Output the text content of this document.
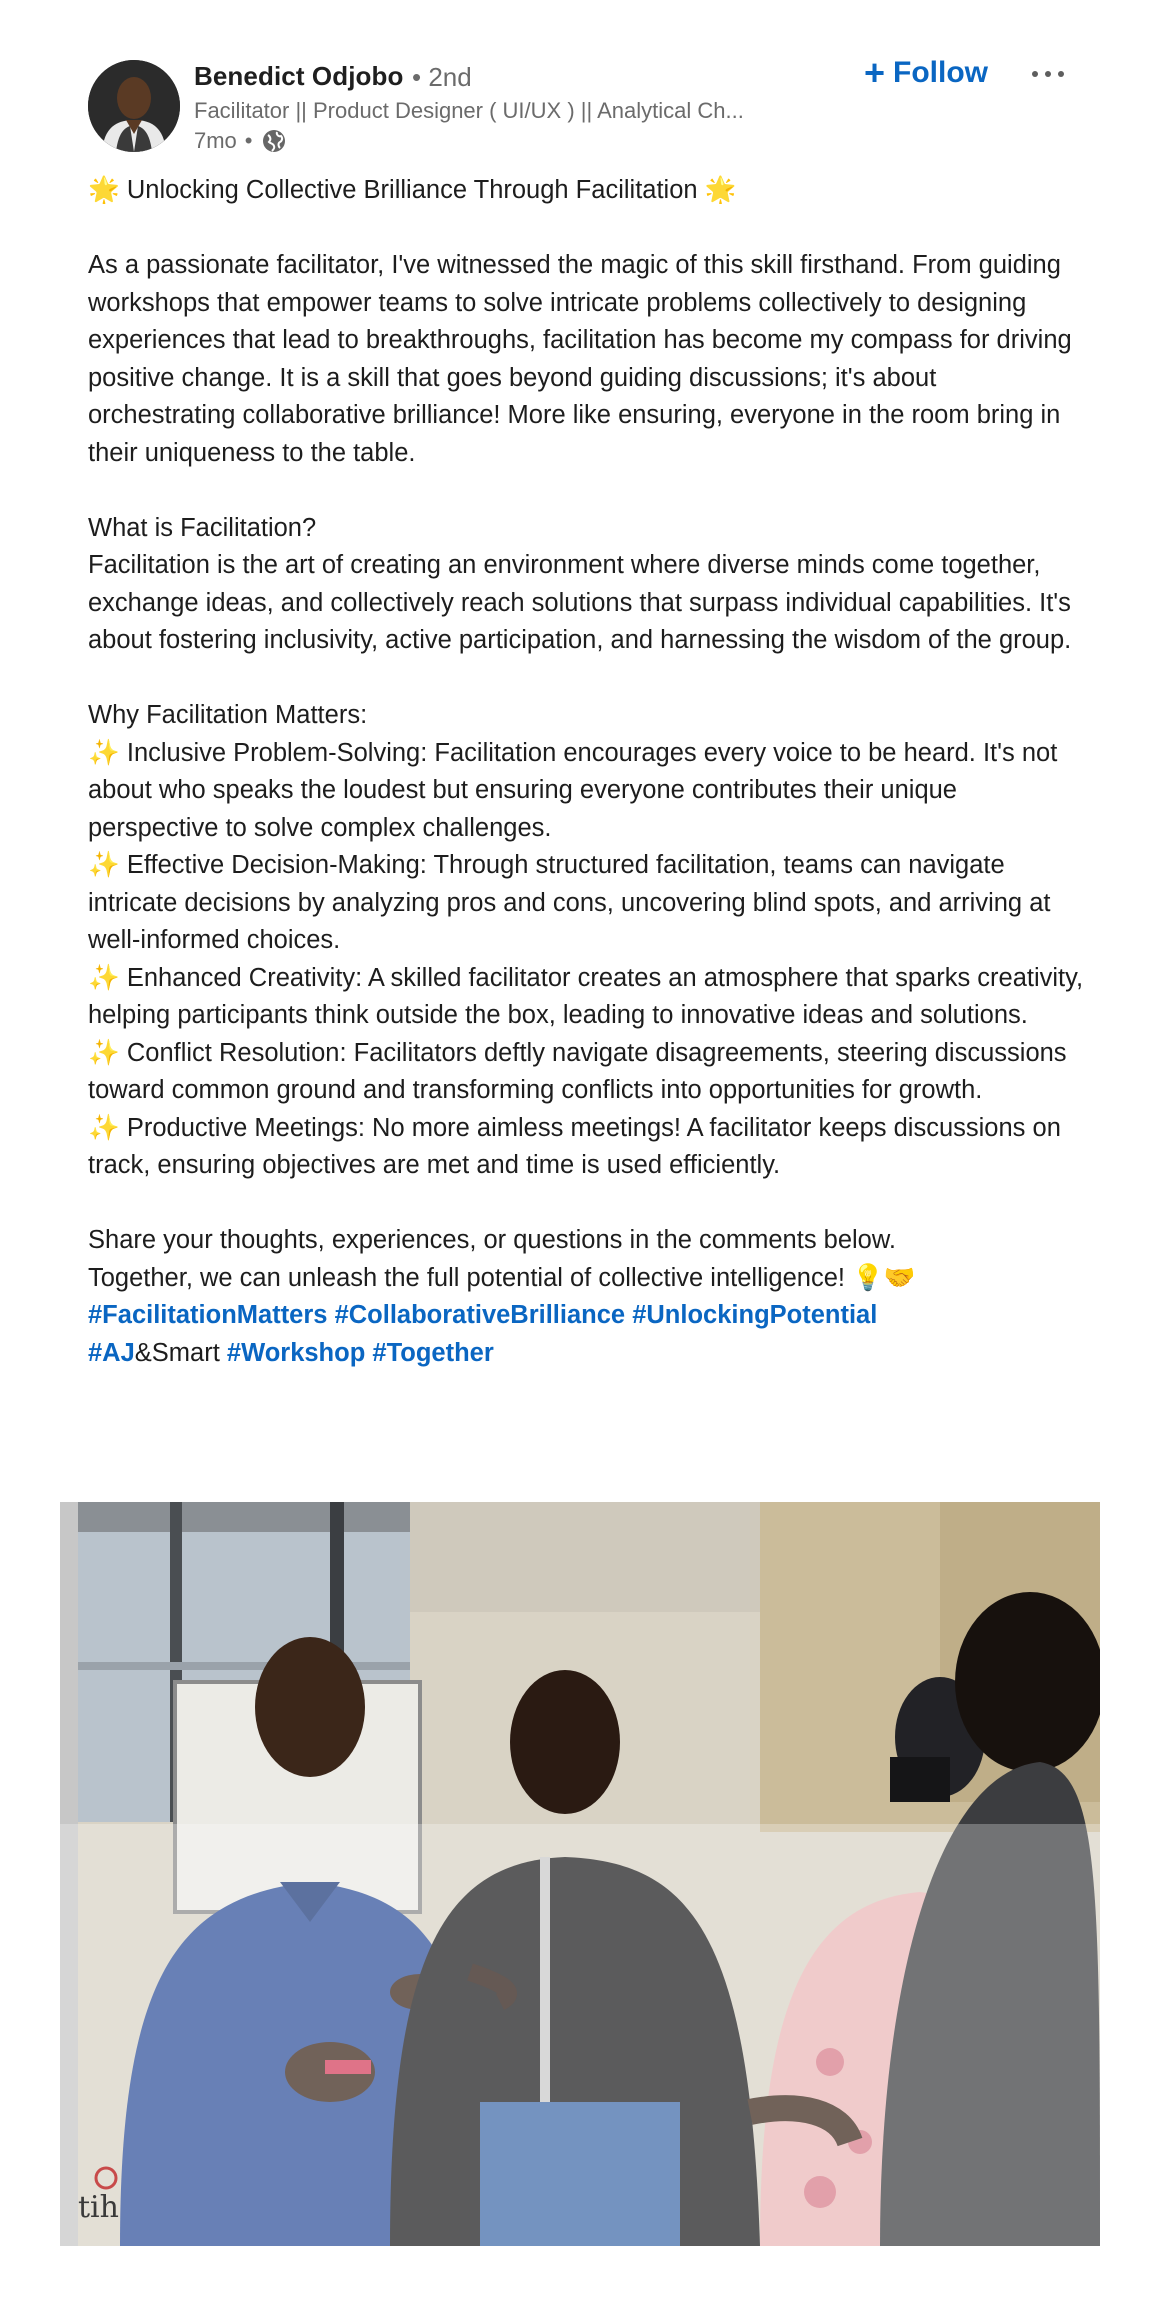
Benedict Odjobo • 2nd
Facilitator || Product Designer ( UI/UX ) || Analytical Ch...
7mo •
+ Follow

🌟 Unlocking Collective Brilliance Through Facilitation 🌟

As a passionate facilitator, I've witnessed the magic of this skill firsthand. From guiding workshops that empower teams to solve intricate problems collectively to designing experiences that lead to breakthroughs, facilitation has become my compass for driving positive change. It is a skill that goes beyond guiding discussions; it's about orchestrating collaborative brilliance! More like ensuring, everyone in the room bring in their uniqueness to the table.

What is Facilitation?

Facilitation is the art of creating an environment where diverse minds come together, exchange ideas, and collectively reach solutions that surpass individual capabilities. It's about fostering inclusivity, active participation, and harnessing the wisdom of the group.

Why Facilitation Matters:

✨ Inclusive Problem-Solving: Facilitation encourages every voice to be heard. It's not about who speaks the loudest but ensuring everyone contributes their unique perspective to solve complex challenges.

✨ Effective Decision-Making: Through structured facilitation, teams can navigate intricate decisions by analyzing pros and cons, uncovering blind spots, and arriving at well-informed choices.

✨ Enhanced Creativity: A skilled facilitator creates an atmosphere that sparks creativity, helping participants think outside the box, leading to innovative ideas and solutions.

✨ Conflict Resolution: Facilitators deftly navigate disagreements, steering discussions toward common ground and transforming conflicts into opportunities for growth.

✨ Productive Meetings: No more aimless meetings! A facilitator keeps discussions on track, ensuring objectives are met and time is used efficiently.

Share your thoughts, experiences, or questions in the comments below.

Together, we can unleash the full potential of collective intelligence! 💡🤝

#FacilitationMatters #CollaborativeBrilliance #UnlockingPotential

#AJ&Smart #Workshop #Together

tih
